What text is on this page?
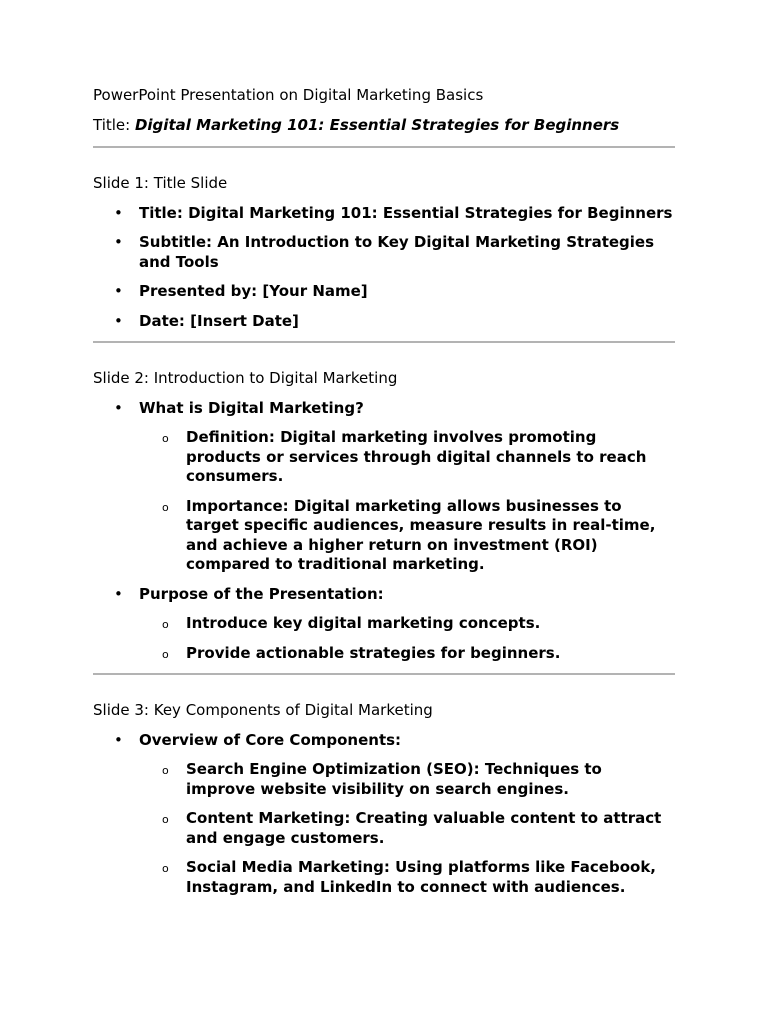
PowerPoint Presentation on Digital Marketing Basics

Title: Digital Marketing 101: Essential Strategies for Beginners

Slide 1: Title Slide

• Title: Digital Marketing 101: Essential Strategies for Beginners
• Subtitle: An Introduction to Key Digital Marketing Strategies and Tools
• Presented by: [Your Name]
• Date: [Insert Date]

Slide 2: Introduction to Digital Marketing

• What is Digital Marketing?
o Definition: Digital marketing involves promoting products or services through digital channels to reach consumers.
o Importance: Digital marketing allows businesses to target specific audiences, measure results in real-time, and achieve a higher return on investment (ROI) compared to traditional marketing.
• Purpose of the Presentation:
o Introduce key digital marketing concepts.
o Provide actionable strategies for beginners.

Slide 3: Key Components of Digital Marketing

• Overview of Core Components:
o Search Engine Optimization (SEO): Techniques to improve website visibility on search engines.
o Content Marketing: Creating valuable content to attract and engage customers.
o Social Media Marketing: Using platforms like Facebook, Instagram, and LinkedIn to connect with audiences.
